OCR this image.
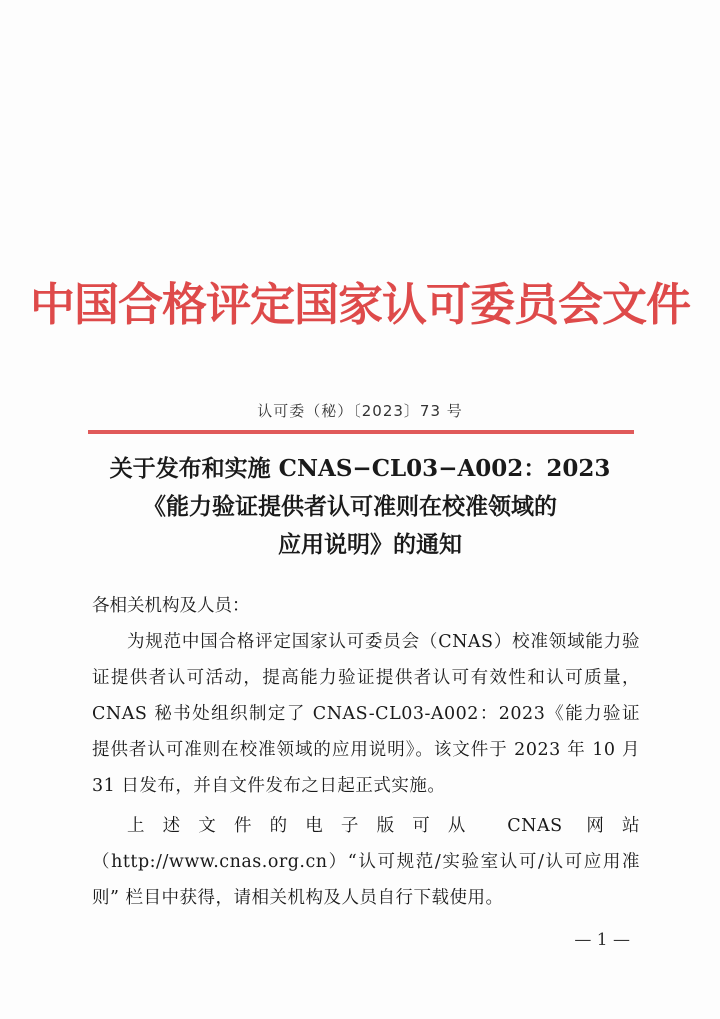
中国合格评定国家认可委员会文件
认可委（秘）〔2023〕73 号
关于发布和实施 CNAS−CL03−A002：2023
《能力验证提供者认可准则在校准领域的
应用说明》的通知

各相关机构及人员：

为规范中国合格评定国家认可委员会（CNAS）校准领域能力验证提供者认可活动，提高能力验证提供者认可有效性和认可质量，CNAS 秘书处组织制定了 CNAS-CL03-A002：2023《能力验证提供者认可准则在校准领域的应用说明》。该文件于 2023 年 10 月 31 日发布，并自文件发布之日起正式实施。

上述文件的电子版可从 CNAS 网站（http://www.cnas.org.cn）“认可规范/实验室认可/认可应用准则” 栏目中获得，请相关机构及人员自行下载使用。

— 1 —
